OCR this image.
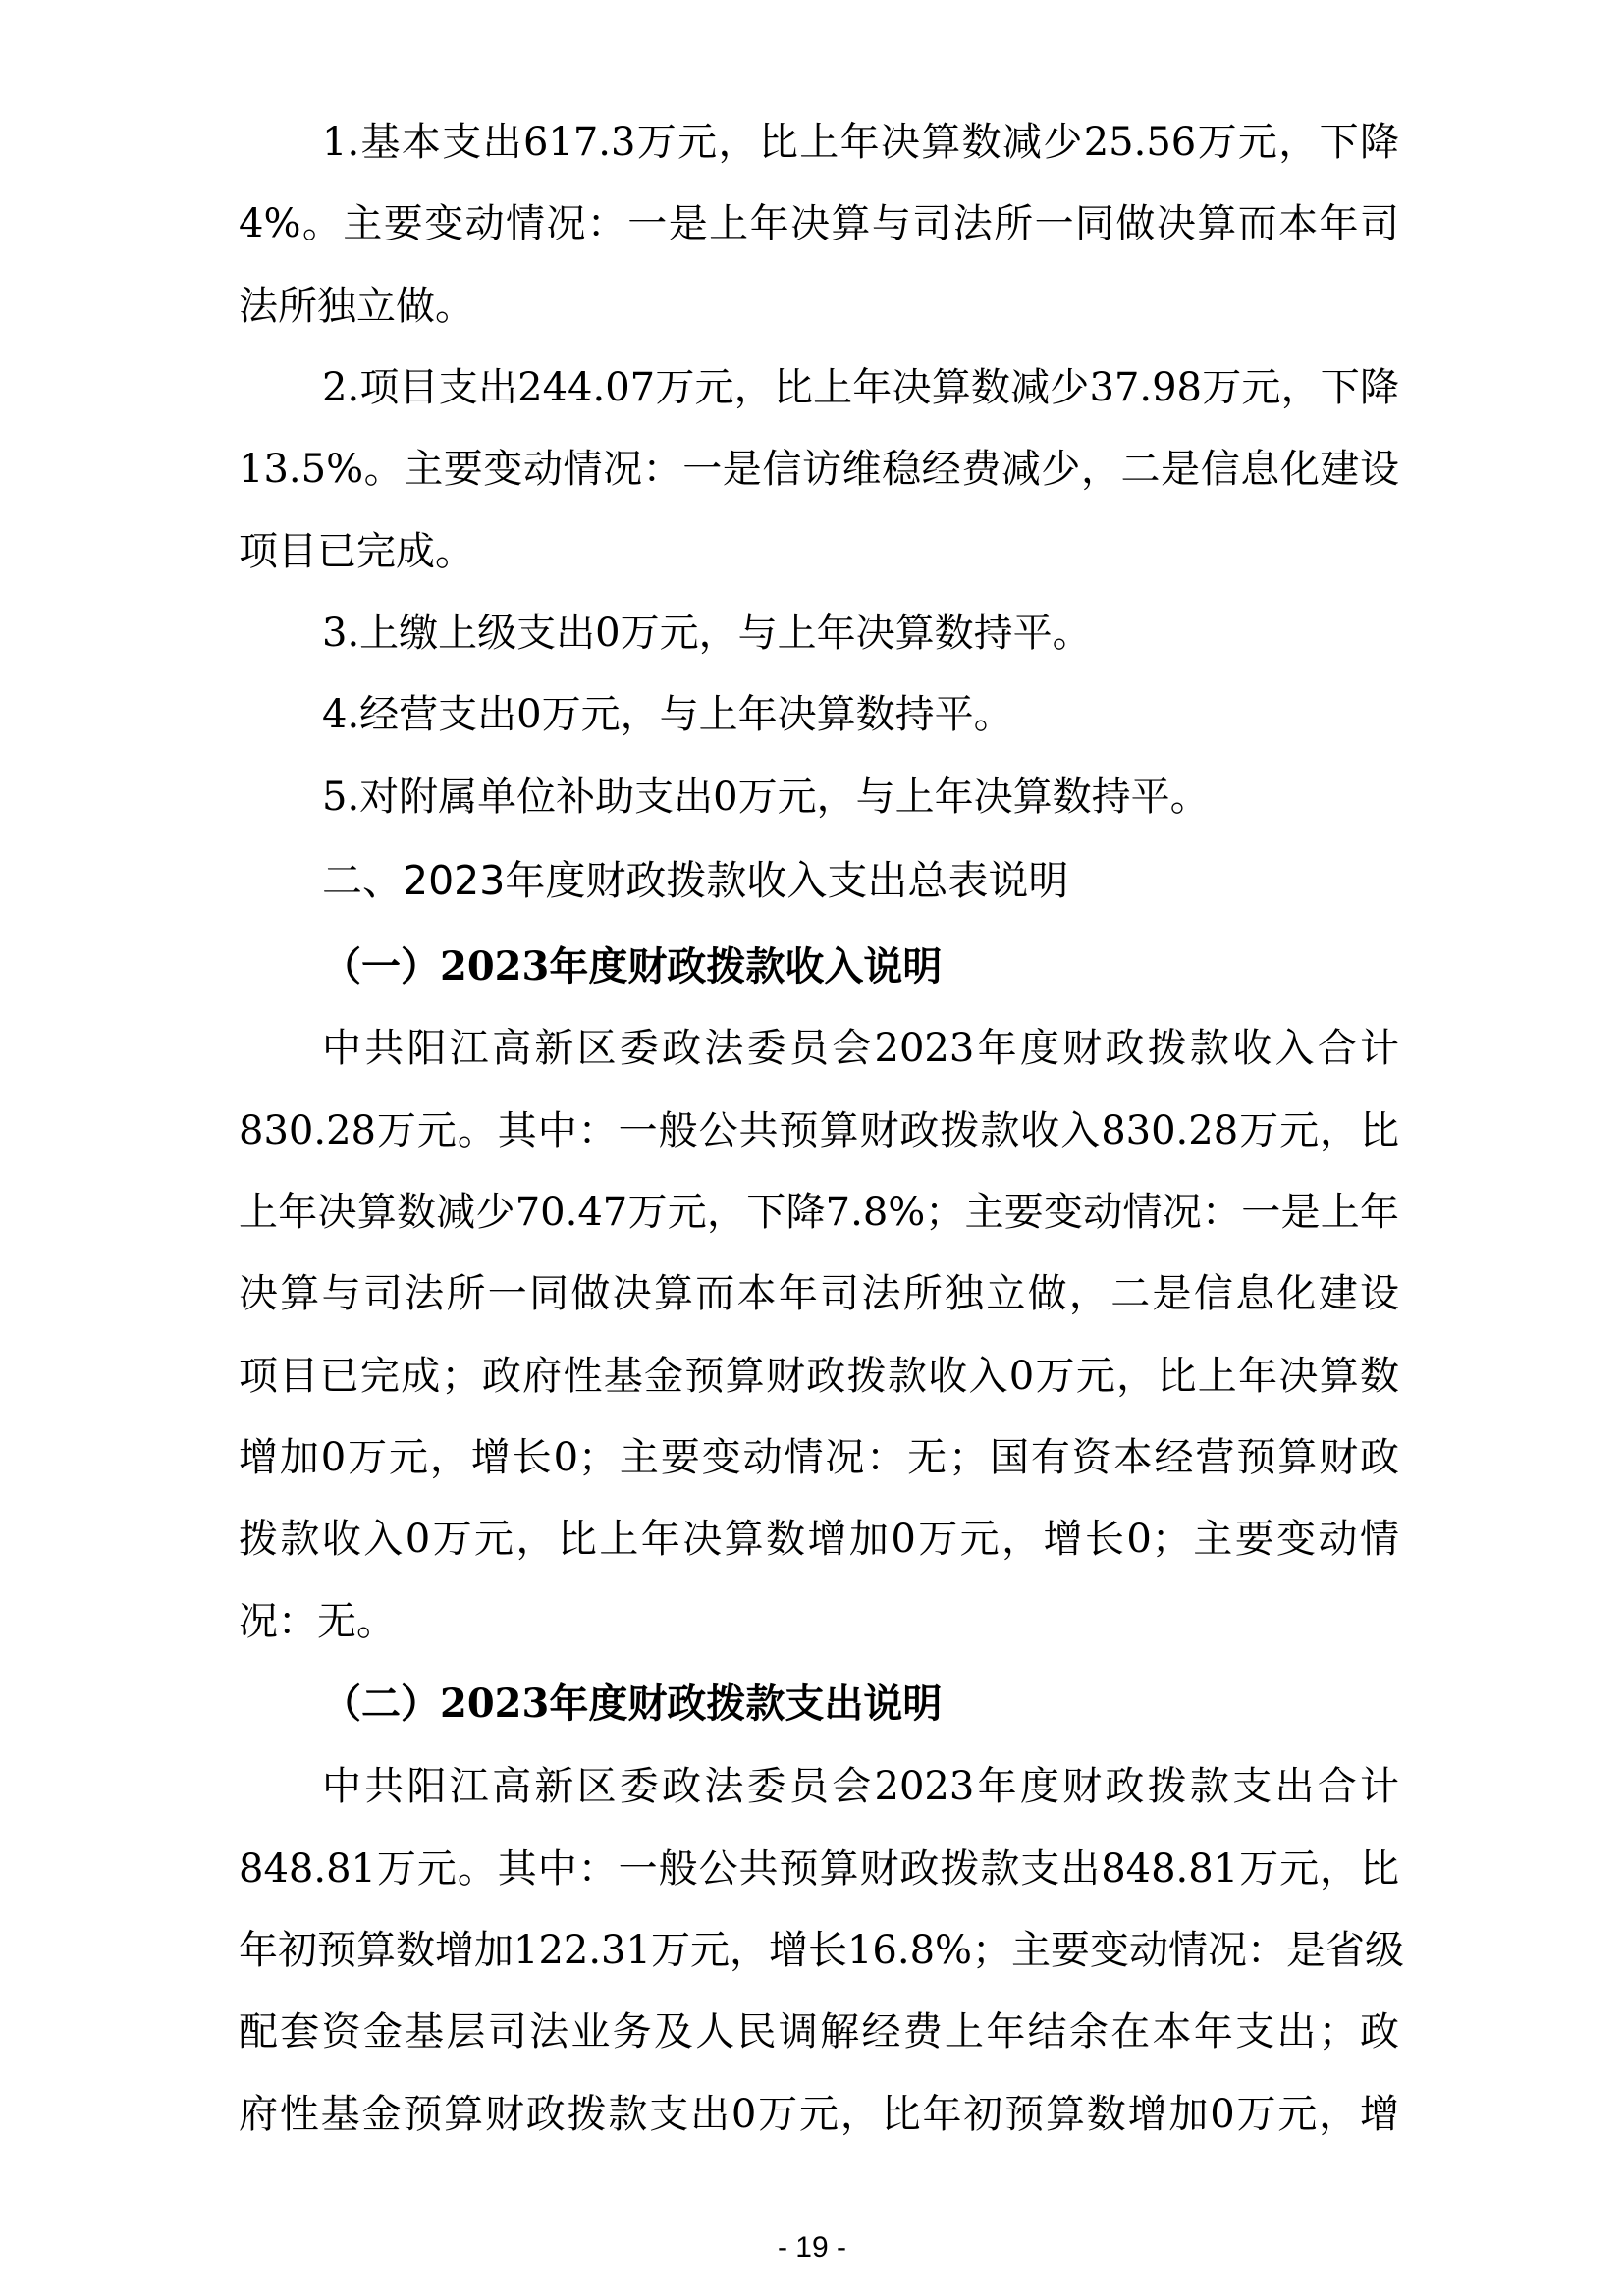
1.基本支出617.3万元，比上年决算数减少25.56万元，下降
4%。主要变动情况：一是上年决算与司法所一同做决算而本年司
法所独立做。
2.项目支出244.07万元，比上年决算数减少37.98万元，下降
13.5%。主要变动情况：一是信访维稳经费减少，二是信息化建设
项目已完成。
3.上缴上级支出0万元，与上年决算数持平。
4.经营支出0万元，与上年决算数持平。
5.对附属单位补助支出0万元，与上年决算数持平。
二、2023年度财政拨款收入支出总表说明
（一）2023年度财政拨款收入说明
中共阳江高新区委政法委员会2023年度财政拨款收入合计
830.28万元。其中：一般公共预算财政拨款收入830.28万元，比
上年决算数减少70.47万元，下降7.8%；主要变动情况：一是上年
决算与司法所一同做决算而本年司法所独立做，二是信息化建设
项目已完成；政府性基金预算财政拨款收入0万元，比上年决算数
增加0万元，增长0；主要变动情况：无；国有资本经营预算财政
拨款收入0万元，比上年决算数增加0万元，增长0；主要变动情
况：无。
（二）2023年度财政拨款支出说明
中共阳江高新区委政法委员会2023年度财政拨款支出合计
848.81万元。其中：一般公共预算财政拨款支出848.81万元，比
年初预算数增加122.31万元，增长16.8%；主要变动情况：是省级
配套资金基层司法业务及人民调解经费上年结余在本年支出；政
府性基金预算财政拨款支出0万元，比年初预算数增加0万元，增
- 19 -
